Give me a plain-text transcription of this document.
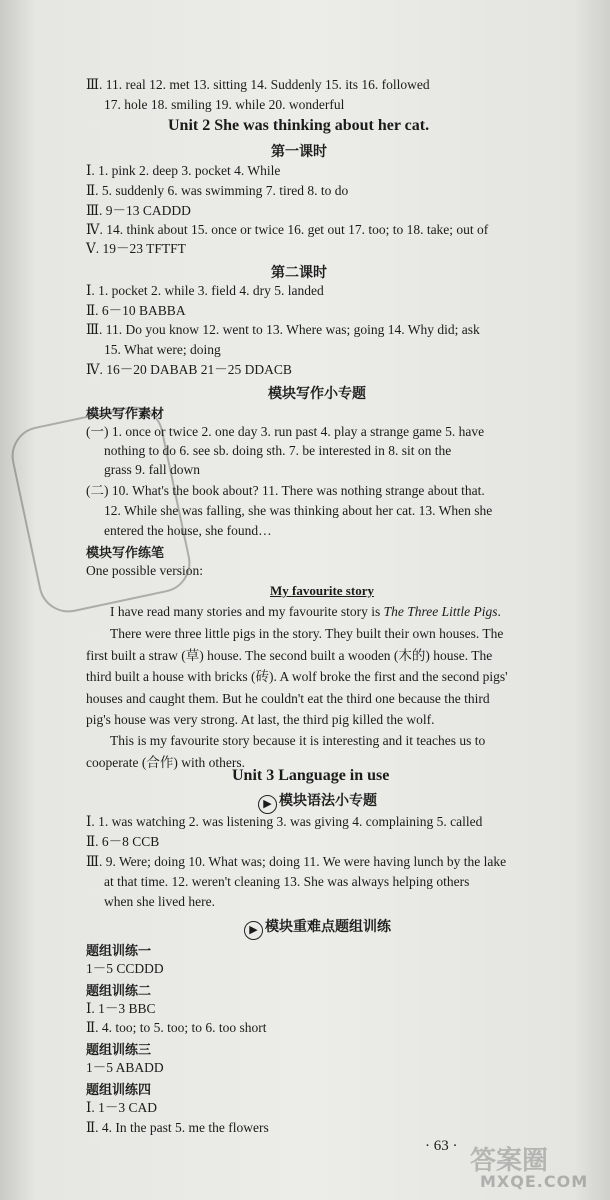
Ⅲ. 11. real 12. met 13. sitting 14. Suddenly 15. its 16. followed
17. hole 18. smiling 19. while 20. wonderful
Unit 2 She was thinking about her cat.
第一课时
Ⅰ. 1. pink 2. deep 3. pocket 4. While
Ⅱ. 5. suddenly 6. was swimming 7. tired 8. to do
Ⅲ. 9－13 CADDD
Ⅳ. 14. think about 15. once or twice 16. get out 17. too; to 18. take; out of
Ⅴ. 19－23 TFTFT
第二课时
Ⅰ. 1. pocket 2. while 3. field 4. dry 5. landed
Ⅱ. 6－10 BABBA
Ⅲ. 11. Do you know 12. went to 13. Where was; going 14. Why did; ask
15. What were; doing
Ⅳ. 16－20 DABAB 21－25 DDACB
模块写作小专题
模块写作素材
(一) 1. once or twice 2. one day 3. run past 4. play a strange game 5. have
nothing to do 6. see sb. doing sth. 7. be interested in 8. sit on the
grass 9. fall down
(二) 10. What's the book about? 11. There was nothing strange about that.
12. While she was falling, she was thinking about her cat. 13. When she
entered the house, she found…
模块写作练笔
One possible version:
My favourite story
I have read many stories and my favourite story is The Three Little Pigs.
There were three little pigs in the story. They built their own houses. The
first built a straw (草) house. The second built a wooden (木的) house. The
third built a house with bricks (砖). A wolf broke the first and the second pigs'
houses and caught them. But he couldn't eat the third one because the third
pig's house was very strong. At last, the third pig killed the wolf.
This is my favourite story because it is interesting and it teaches us to
cooperate (合作) with others.
Unit 3 Language in use
▶ 模块语法小专题
Ⅰ. 1. was watching 2. was listening 3. was giving 4. complaining 5. called
Ⅱ. 6－8 CCB
Ⅲ. 9. Were; doing 10. What was; doing 11. We were having lunch by the lake
at that time. 12. weren't cleaning 13. She was always helping others
when she lived here.
▶ 模块重难点题组训练
题组训练一
1－5 CCDDD
题组训练二
Ⅰ. 1－3 BBC
Ⅱ. 4. too; to 5. too; to 6. too short
题组训练三
1－5 ABADD
题组训练四
Ⅰ. 1－3 CAD
Ⅱ. 4. In the past 5. me the flowers
· 63 · 答案圈
MXQE.COM
